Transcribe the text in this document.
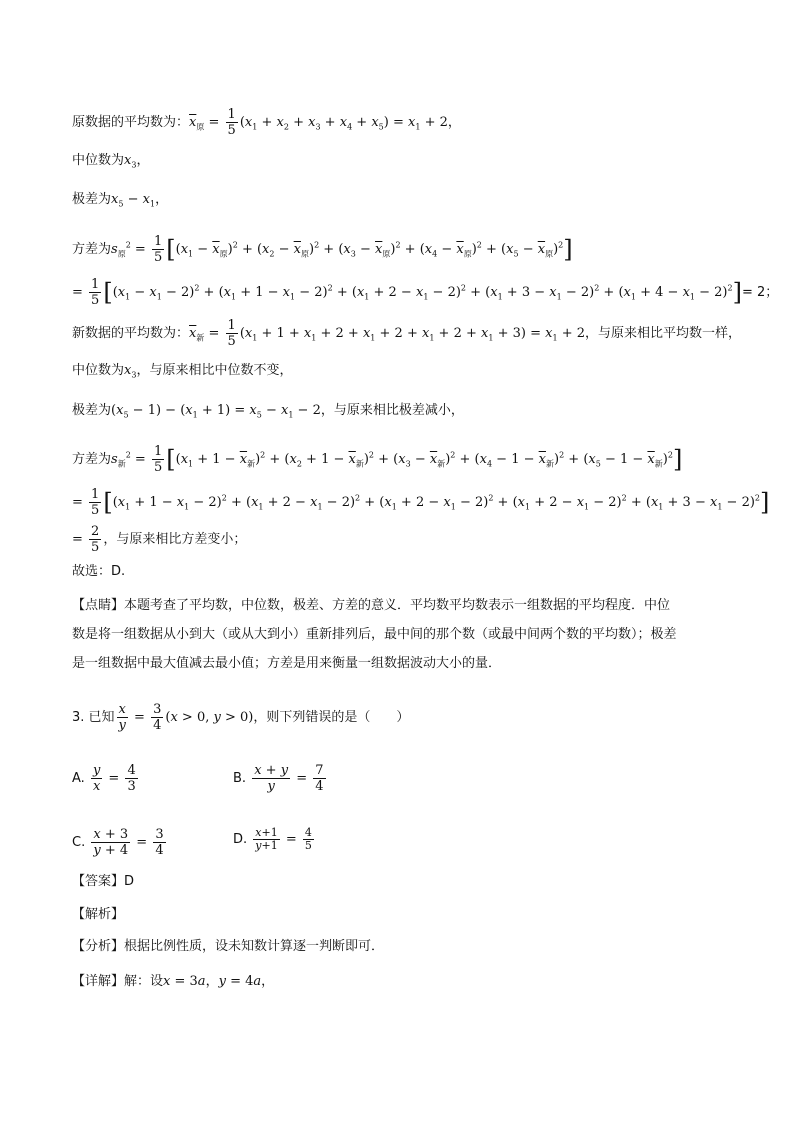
原数据的平均数为：$\overline{x}_原 = \frac{1}{5} (x_1 + x_2 + x_3 + x_4 + x_5) = x_1 + 2$，
中位数为$x_3$，
极差为$x_5 - x_1$，
方差为$s_原^2 = \frac{1}{5} [(x_1 - \overline{x}_原)^2 + (x_2 - \overline{x}_原)^2 + (x_3 - \overline{x}_原)^2 + (x_4 - \overline{x}_原)^2 + (x_5 - \overline{x}_原)^2]$
= $\frac{1}{5} [(x_1 - x_1 - 2)^2 + (x_1 + 1 - x_1 - 2)^2 + (x_1 + 2 - x_1 - 2)^2 + (x_1 + 3 - x_1 - 2)^2 + (x_1 + 4 - x_1 - 2)^2]= 2$；
新数据的平均数为：$\overline{x}_新 = \frac{1}{5} (x_1 + 1 + x_1 + 2 + x_1 + 2 + x_1 + 2 + x_1 + 3) = x_1 + 2$，与原来相比平均数一样，
中位数为$x_3$，与原来相比中位数不变，
极差为$(x_5 - 1) - (x_1 + 1) = x_5 - x_1 - 2$，与原来相比极差减小，
方差为$s_新^2 = \frac{1}{5} [(x_1 + 1 - \overline{x}_新)^2 + (x_2 + 1 - \overline{x}_新)^2 + (x_3 - \overline{x}_新)^2 + (x_4 - 1 - \overline{x}_新)^2 + (x_5 - 1 - \overline{x}_新)^2]$
= $\frac{1}{5} [(x_1 + 1 - x_1 - 2)^2 + (x_1 + 2 - x_1 - 2)^2 + (x_1 + 2 - x_1 - 2)^2 + (x_1 + 2 - x_1 - 2)^2 + (x_1 + 3 - x_1 - 2)^2]$
= $\frac{2}{5}$ ，与原来相比方差变小；
故选：D.
【点睛】本题考查了平均数，中位数，极差、方差的意义．平均数平均数表示一组数据的平均程度．中位
数是将一组数据从小到大（或从大到小）重新排列后，最中间的那个数（或最中间两个数的平均数）；极差
是一组数据中最大值减去最小值；方差是用来衡量一组数据波动大小的量．
3. 已知 $\frac{x}{y} = \frac{3}{4} (x > 0$, y > 0)，则下列错误的是（　　）
A. $\frac{y}{x} = \frac{4}{3}$	B. $\frac{x + y}{y} = \frac{7}{4}$
C. $\frac{x + 3}{y + 4} = \frac{3}{4}$	D. $\frac{x+1}{y+1} = \frac{4}{5}$
【答案】D
【解析】
【分析】根据比例性质，设未知数计算逐一判断即可．
【详解】解：设x = 3a，y = 4a，
